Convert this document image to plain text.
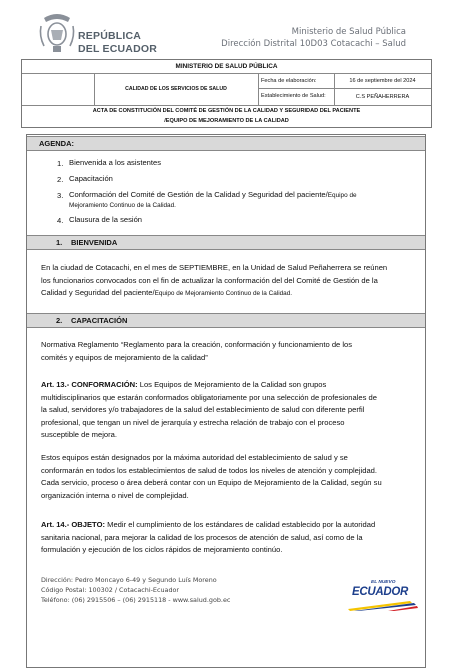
REPÚBLICA
DEL ECUADOR
Ministerio de Salud Pública
Dirección Distrital 10D03 Cotacachi – Salud
MINISTERIO DE SALUD PÚBLICA
CALIDAD DE LOS SERVICIOS DE SALUD
Fecha de elaboración:	16 de septiembre del 2024
Establecimiento de Salud:	C.S PEÑAHERRERA
ACTA DE CONSTITUCIÓN DEL COMITÉ DE GESTIÓN DE LA CALIDAD Y SEGURIDAD DEL PACIENTE
/EQUIPO DE MEJORAMIENTO DE LA CALIDAD
AGENDA:
1. Bienvenida a los asistentes
2. Capacitación
3. Conformación del Comité de Gestión de la Calidad y Seguridad del paciente/Equipo de
Mejoramiento Continuo de la Calidad.
4. Clausura de la sesión
1. BIENVENIDA
En la ciudad de Cotacachi, en el mes de SEPTIEMBRE, en la Unidad de Salud Peñaherrera se reúnen
los funcionarios convocados con el fin de actualizar la conformación del del Comité de Gestión de la
Calidad y Seguridad del paciente/Equipo de Mejoramiento Continuo de la Calidad.
2. CAPACITACIÓN
Normativa Reglamento “Reglamento para la creación, conformación y funcionamiento de los
comités y equipos de mejoramiento de la calidad”
Art. 13.- CONFORMACIÓN: Los Equipos de Mejoramiento de la Calidad son grupos
multidisciplinarios que estarán conformados obligatoriamente por una selección de profesionales de
la salud, servidores y/o trabajadores de la salud del establecimiento de salud con diferente perfil
profesional, que tengan un nivel de jerarquía y estrecha relación de trabajo con el proceso
susceptible de mejora.
Estos equipos están designados por la máxima autoridad del establecimiento de salud y se
conformarán en todos los establecimientos de salud de todos los niveles de atención y complejidad.
Cada servicio, proceso o área deberá contar con un Equipo de Mejoramiento de la Calidad, según su
organización interna o nivel de complejidad.
Art. 14.- OBJETO: Medir el cumplimiento de los estándares de calidad establecido por la autoridad
sanitaria nacional, para mejorar la calidad de los procesos de atención de salud, así como de la
formulación y ejecución de los ciclos rápidos de mejoramiento continúo.
Dirección: Pedro Moncayo 6-49 y Segundo Luís Moreno
Código Postal: 100302 / Cotacachi-Ecuador
Teléfono: (06) 2915506 – (06) 2915118 - www.salud.gob.ec
EL NUEVO
ECUADOR
